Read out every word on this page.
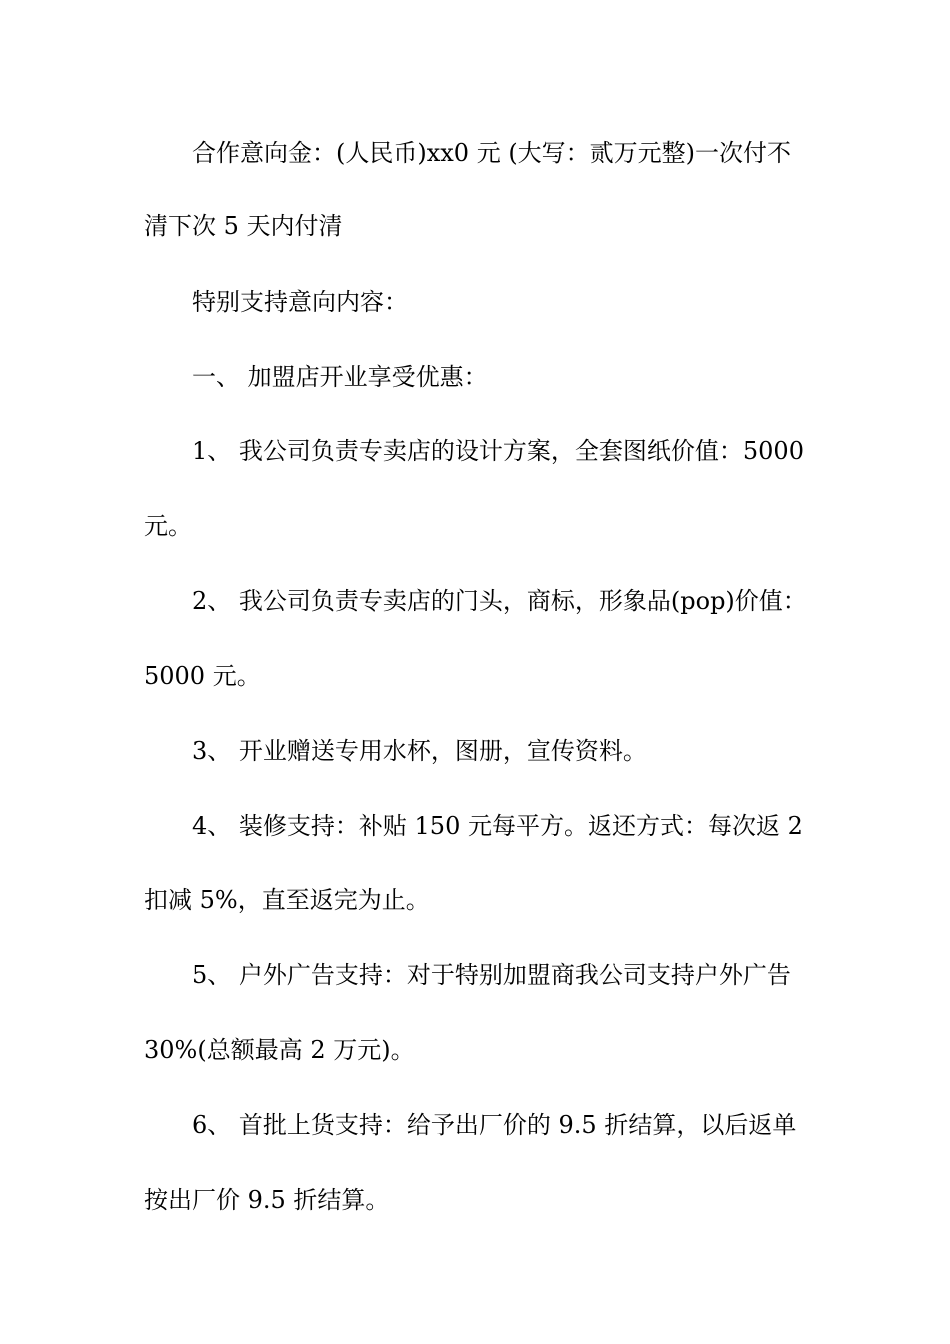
合作意向金：(人民币)xx0 元 (大写：贰万元整)一次付不
清下次 5 天内付清
特别支持意向内容：
一、 加盟店开业享受优惠：
1、 我公司负责专卖店的设计方案，全套图纸价值：5000
元。
2、 我公司负责专卖店的门头，商标，形象品(pop)价值：
5000 元。
3、 开业赠送专用水杯，图册，宣传资料。
4、 装修支持：补贴 150 元每平方。返还方式：每次返 2
扣减 5%，直至返完为止。
5、 户外广告支持：对于特别加盟商我公司支持户外广告
30%(总额最高 2 万元)。
6、 首批上货支持：给予出厂价的 9.5 折结算，以后返单
按出厂价 9.5 折结算。
